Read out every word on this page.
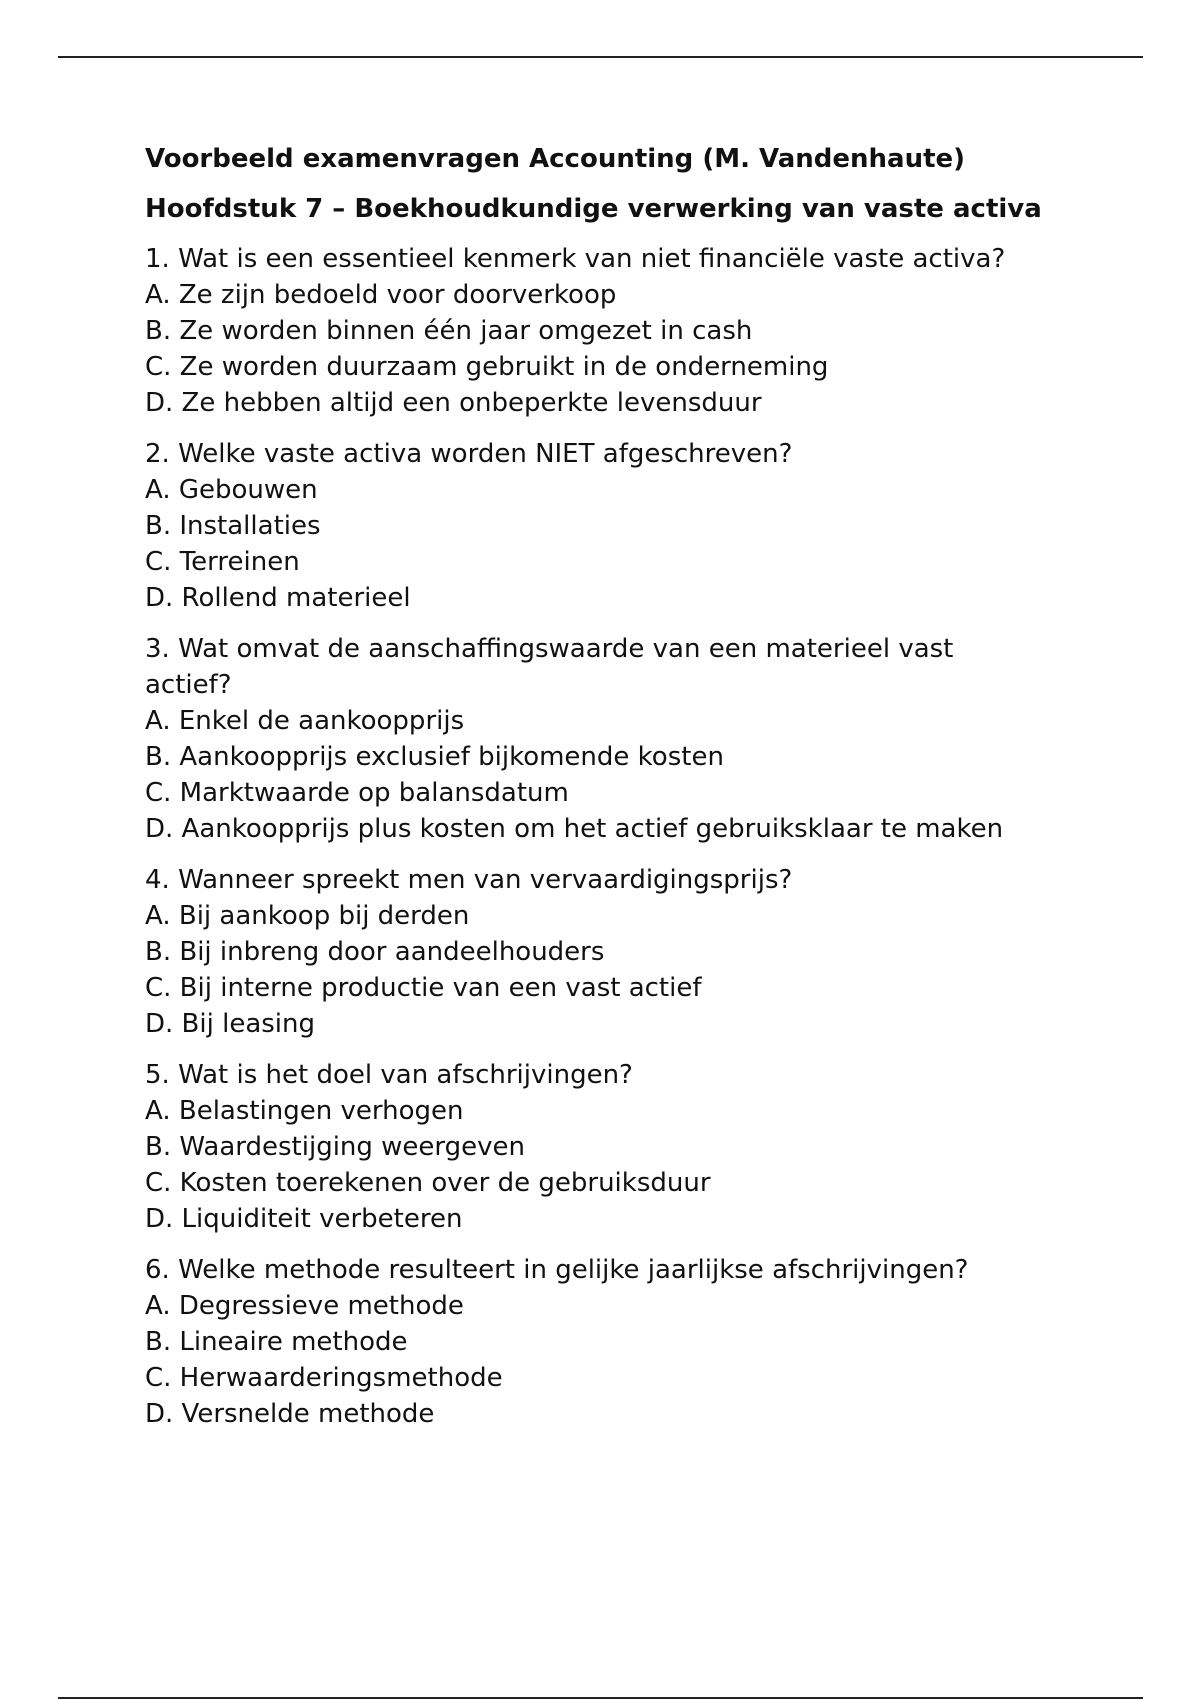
Voorbeeld examenvragen Accounting (M. Vandenhaute)
Hoofdstuk 7 – Boekhoudkundige verwerking van vaste activa
1. Wat is een essentieel kenmerk van niet financiële vaste activa?
A. Ze zijn bedoeld voor doorverkoop
B. Ze worden binnen één jaar omgezet in cash
C. Ze worden duurzaam gebruikt in de onderneming
D. Ze hebben altijd een onbeperkte levensduur
2. Welke vaste activa worden NIET afgeschreven?
A. Gebouwen
B. Installaties
C. Terreinen
D. Rollend materieel
3. Wat omvat de aanschaffingswaarde van een materieel vast actief?
A. Enkel de aankoopprijs
B. Aankoopprijs exclusief bijkomende kosten
C. Marktwaarde op balansdatum
D. Aankoopprijs plus kosten om het actief gebruiksklaar te maken
4. Wanneer spreekt men van vervaardigingsprijs?
A. Bij aankoop bij derden
B. Bij inbreng door aandeelhouders
C. Bij interne productie van een vast actief
D. Bij leasing
5. Wat is het doel van afschrijvingen?
A. Belastingen verhogen
B. Waardestijging weergeven
C. Kosten toerekenen over de gebruiksduur
D. Liquiditeit verbeteren
6. Welke methode resulteert in gelijke jaarlijkse afschrijvingen?
A. Degressieve methode
B. Lineaire methode
C. Herwaarderingsmethode
D. Versnelde methode
